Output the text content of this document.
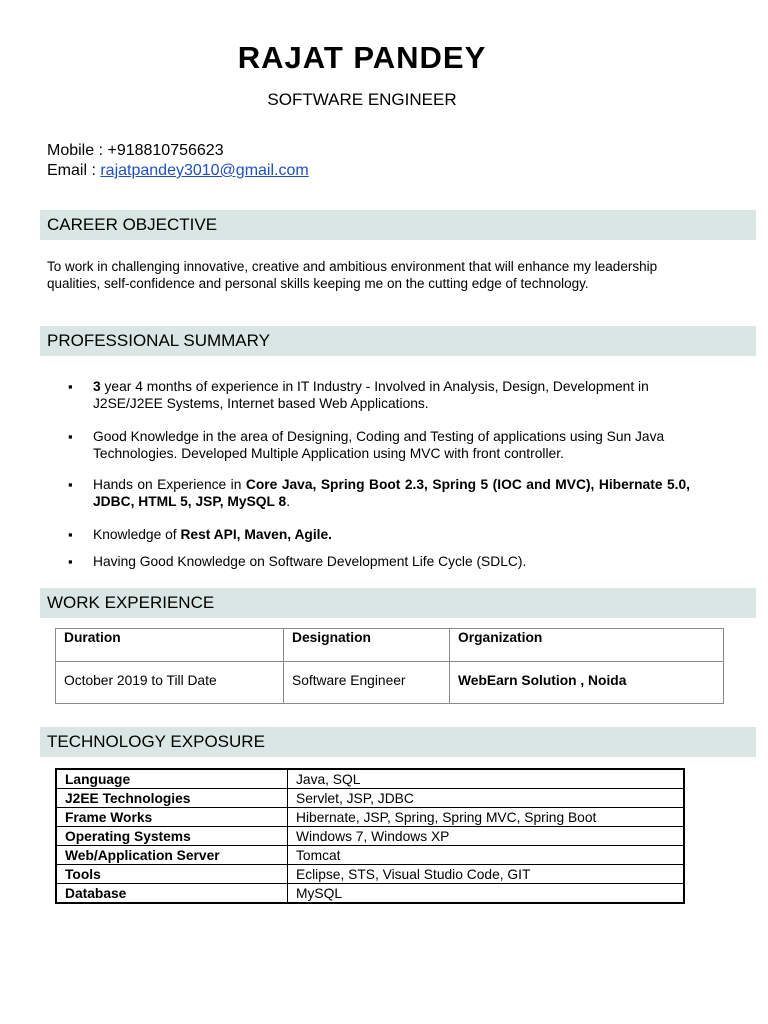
RAJAT PANDEY
SOFTWARE ENGINEER
Mobile : +918810756623
Email : rajatpandey3010@gmail.com
CAREER OBJECTIVE
To work in challenging innovative, creative and ambitious environment that will enhance my leadership qualities, self-confidence and personal skills keeping me on the cutting edge of technology.
PROFESSIONAL SUMMARY
▪ 3 year 4 months of experience in IT Industry - Involved in Analysis, Design, Development in J2SE/J2EE Systems, Internet based Web Applications.
▪ Good Knowledge in the area of Designing, Coding and Testing of applications using Sun Java Technologies. Developed Multiple Application using MVC with front controller.
▪ Hands on Experience in Core Java, Spring Boot 2.3, Spring 5 (IOC and MVC), Hibernate 5.0, JDBC, HTML 5, JSP, MySQL 8.
▪ Knowledge of Rest API, Maven, Agile.
▪ Having Good Knowledge on Software Development Life Cycle (SDLC).
WORK EXPERIENCE
Duration	Designation	Organization
October 2019 to Till Date	Software Engineer	WebEarn Solution , Noida
TECHNOLOGY EXPOSURE
Language	Java, SQL
J2EE Technologies	Servlet, JSP, JDBC
Frame Works	Hibernate, JSP, Spring, Spring MVC, Spring Boot
Operating Systems	Windows 7, Windows XP
Web/Application Server	Tomcat
Tools	Eclipse, STS, Visual Studio Code, GIT
Database	MySQL
